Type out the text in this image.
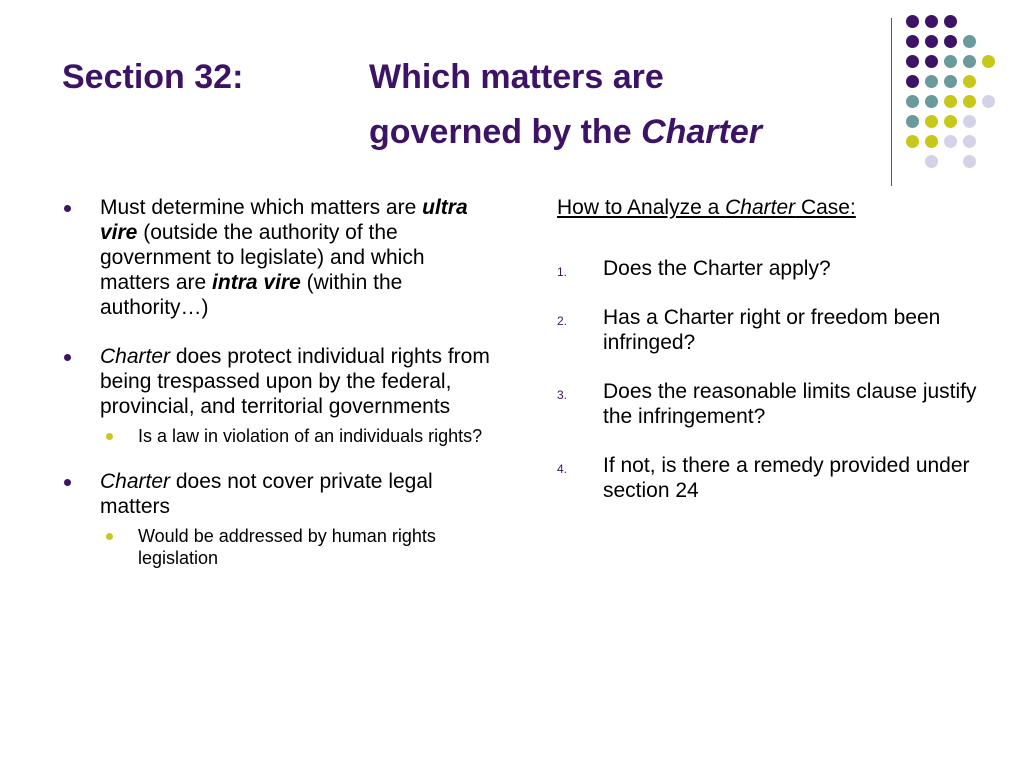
Section 32:	Which matters are
governed by the Charter
Must determine which matters are ultra vire (outside the authority of the government to legislate) and which matters are intra vire (within the authority…)
Charter does protect individual rights from being trespassed upon by the federal, provincial, and territorial governments
Is a law in violation of an individuals rights?
Charter does not cover private legal matters
Would be addressed by human rights legislation
How to Analyze a Charter Case:
1. Does the Charter apply?
2. Has a Charter right or freedom been infringed?
3. Does the reasonable limits clause justify the infringement?
4. If not, is there a remedy provided under section 24
